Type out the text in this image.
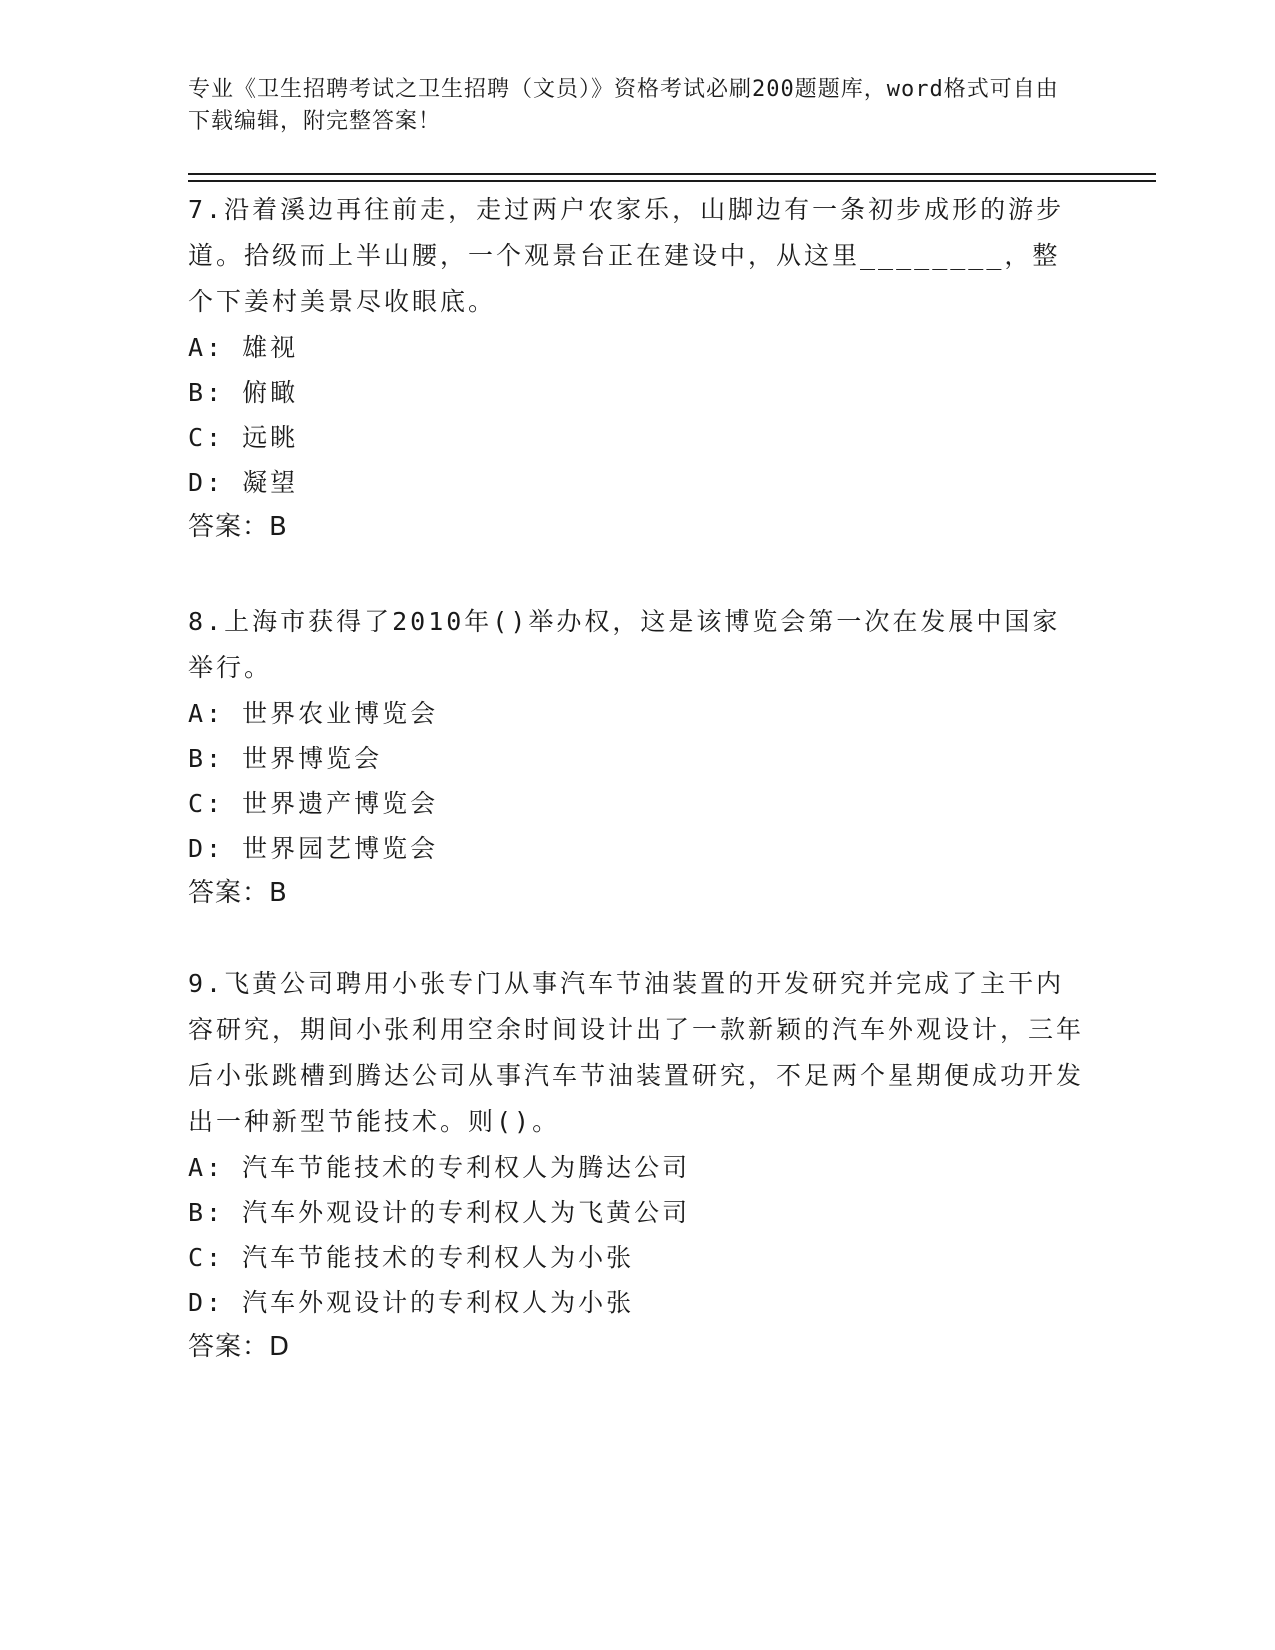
专业《卫生招聘考试之卫生招聘（文员）》资格考试必刷200题题库，word格式可自由下载编辑，附完整答案！

7.沿着溪边再往前走，走过两户农家乐，山脚边有一条初步成形的游步道。拾级而上半山腰，一个观景台正在建设中，从这里________，整个下姜村美景尽收眼底。

A: 雄视

B: 俯瞰

C: 远眺

D: 凝望

答案：B

8.上海市获得了2010年()举办权，这是该博览会第一次在发展中国家举行。

A: 世界农业博览会

B: 世界博览会

C: 世界遗产博览会

D: 世界园艺博览会

答案：B

9.飞黄公司聘用小张专门从事汽车节油装置的开发研究并完成了主干内容研究，期间小张利用空余时间设计出了一款新颖的汽车外观设计，三年后小张跳槽到腾达公司从事汽车节油装置研究，不足两个星期便成功开发出一种新型节能技术。则()。

A: 汽车节能技术的专利权人为腾达公司

B: 汽车外观设计的专利权人为飞黄公司

C: 汽车节能技术的专利权人为小张

D: 汽车外观设计的专利权人为小张

答案：D
